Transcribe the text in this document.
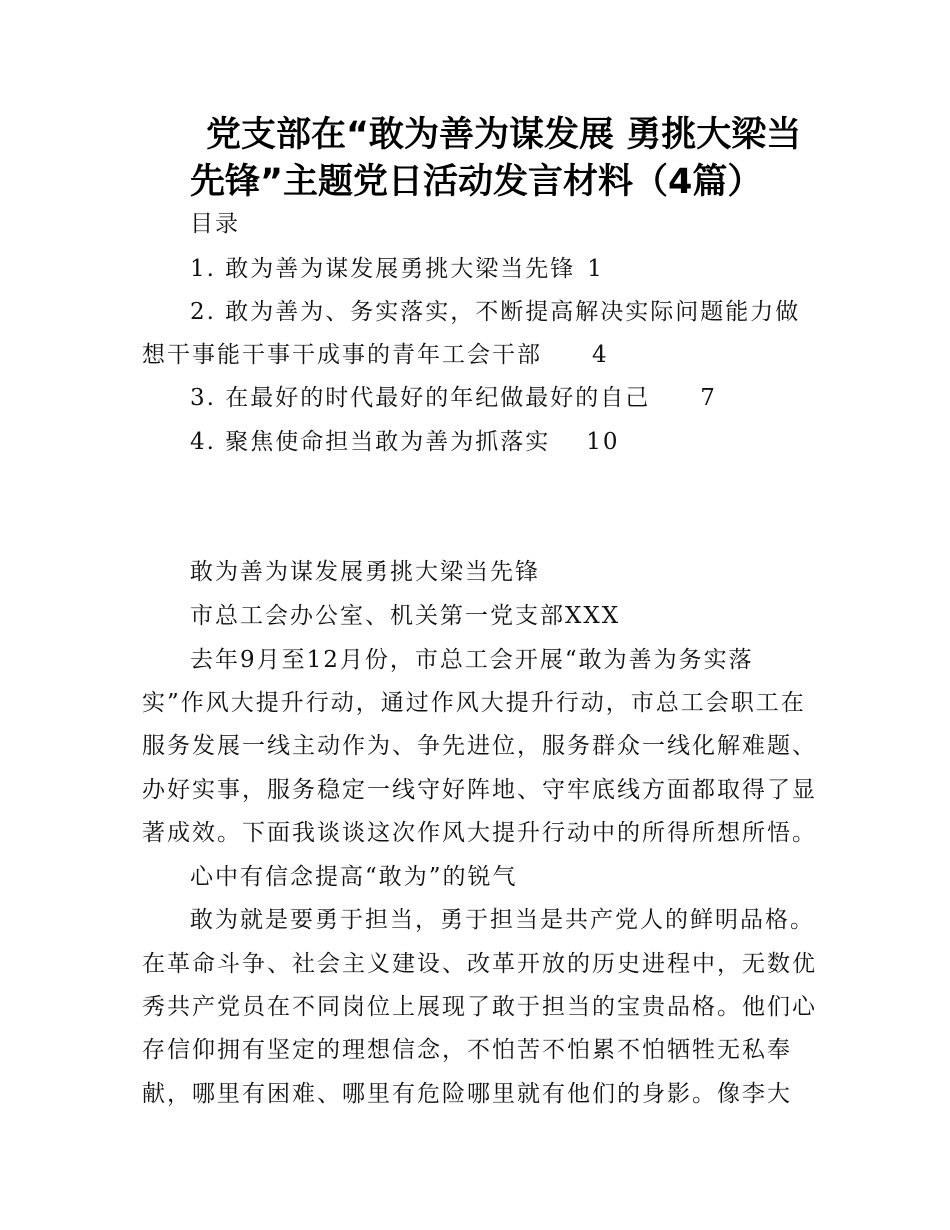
党支部在“敢为善为谋发展 勇挑大梁当
先锋”主题党日活动发言材料（4篇）
目录
1. 敢为善为谋发展勇挑大梁当先锋 1
2. 敢为善为、务实落实，不断提高解决实际问题能力做
想干事能干事干成事的青年工会干部 4
3. 在最好的时代最好的年纪做最好的自己 7
4. 聚焦使命担当敢为善为抓落实 10
敢为善为谋发展勇挑大梁当先锋
市总工会办公室、机关第一党支部XXX
去年9月至12月份，市总工会开展“敢为善为务实落
实”作风大提升行动，通过作风大提升行动，市总工会职工在
服务发展一线主动作为、争先进位，服务群众一线化解难题、
办好实事，服务稳定一线守好阵地、守牢底线方面都取得了显
著成效。下面我谈谈这次作风大提升行动中的所得所想所悟。
心中有信念提高“敢为”的锐气
敢为就是要勇于担当，勇于担当是共产党人的鲜明品格。
在革命斗争、社会主义建设、改革开放的历史进程中，无数优
秀共产党员在不同岗位上展现了敢于担当的宝贵品格。他们心
存信仰拥有坚定的理想信念，不怕苦不怕累不怕牺牲无私奉
献，哪里有困难、哪里有危险哪里就有他们的身影。像李大
